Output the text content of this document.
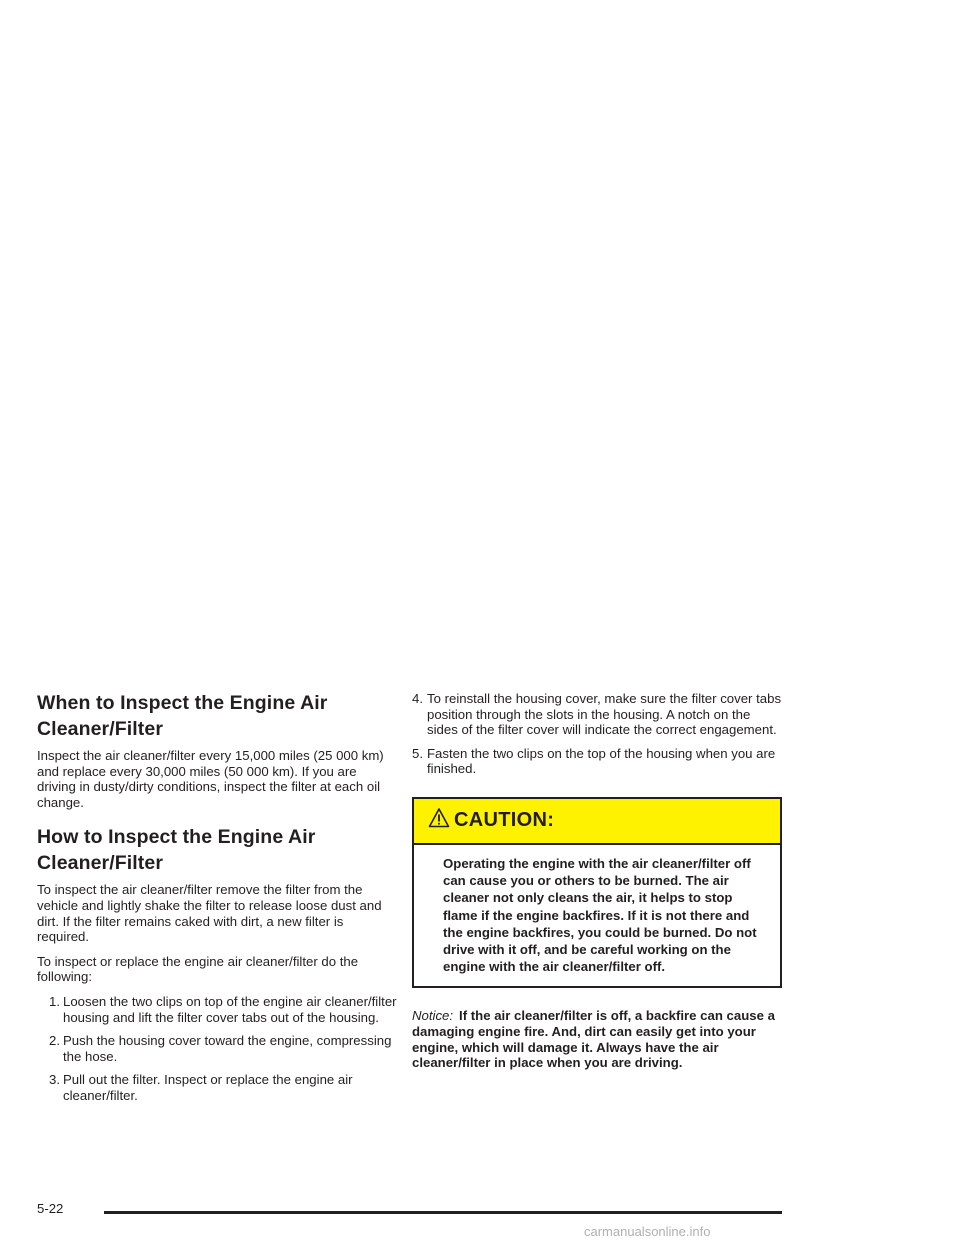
When to Inspect the Engine Air
Cleaner/Filter

Inspect the air cleaner/filter every 15,000 miles (25 000 km) and replace every 30,000 miles (50 000 km). If you are driving in dusty/dirty conditions, inspect the filter at each oil change.

How to Inspect the Engine Air
Cleaner/Filter

To inspect the air cleaner/filter remove the filter from the vehicle and lightly shake the filter to release loose dust and dirt. If the filter remains caked with dirt, a new filter is required.

To inspect or replace the engine air cleaner/filter do the following:

1. Loosen the two clips on top of the engine air cleaner/filter housing and lift the filter cover tabs out of the housing.
2. Push the housing cover toward the engine, compressing the hose.
3. Pull out the filter. Inspect or replace the engine air cleaner/filter.
4. To reinstall the housing cover, make sure the filter cover tabs position through the slots in the housing. A notch on the sides of the filter cover will indicate the correct engagement.
5. Fasten the two clips on the top of the housing when you are finished.
CAUTION:
Operating the engine with the air cleaner/filter off can cause you or others to be burned. The air cleaner not only cleans the air, it helps to stop flame if the engine backfires. If it is not there and the engine backfires, you could be burned. Do not drive with it off, and be careful working on the engine with the air cleaner/filter off.
Notice: If the air cleaner/filter is off, a backfire can cause a damaging engine fire. And, dirt can easily get into your engine, which will damage it. Always have the air cleaner/filter in place when you are driving.
5-22
carmanualsonline.info
